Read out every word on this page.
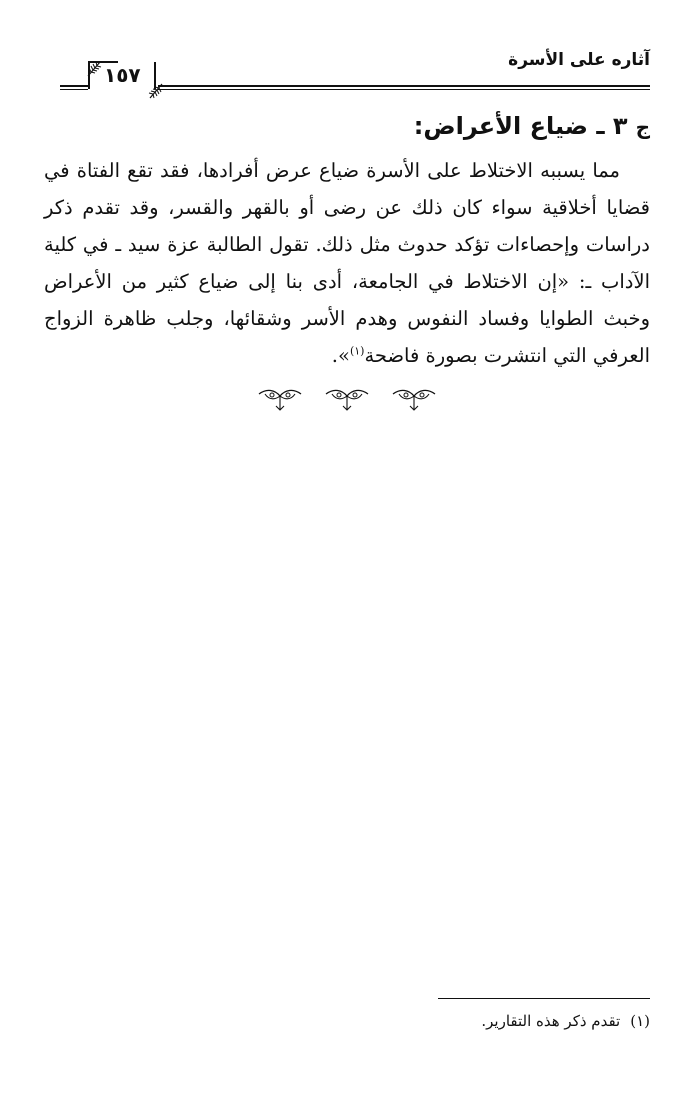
آثاره على الأسرة
١٥٧
ج٣ ـ ضياع الأعراض:
مما يسببه الاختلاط على الأسرة ضياع عرض أفرادها، فقد تقع الفتاة في قضايا أخلاقية سواء كان ذلك عن رضى أو بالقهر والقسر، وقد تقدم ذكر دراسات وإحصاءات تؤكد حدوث مثل ذلك. تقول الطالبة عزة سيد ـ في كلية الآداب ـ: «إن الاختلاط في الجامعة، أدى بنا إلى ضياع كثير من الأعراض وخبث الطوايا وفساد النفوس وهدم الأسر وشقائها، وجلب ظاهرة الزواج العرفي التي انتشرت بصورة فاضحة$^{(١)}$».

(١)تقدم ذكر هذه التقارير.
